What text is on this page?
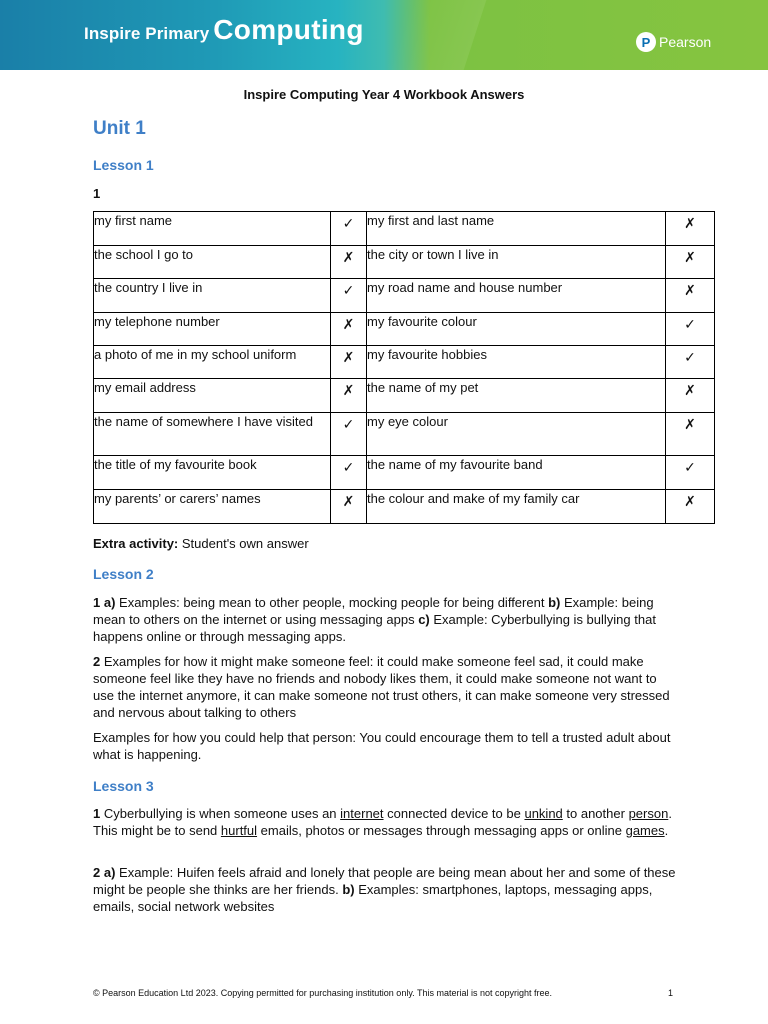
Inspire Primary Computing	P Pearson
Inspire Computing Year 4 Workbook Answers
Unit 1
Lesson 1
1
my first name	✓	my first and last name	✗
the school I go to	✗	the city or town I live in	✗
the country I live in	✓	my road name and house number	✗
my telephone number	✗	my favourite colour	✓
a photo of me in my school uniform	✗	my favourite hobbies	✓
my email address	✗	the name of my pet	✗
the name of somewhere I have visited	✓	my eye colour	✗
the title of my favourite book	✓	the name of my favourite band	✓
my parents’ or carers’ names	✗	the colour and make of my family car	✗

Extra activity: Student's own answer

Lesson 2

1 a) Examples: being mean to other people, mocking people for being different b) Example: being mean to others on the internet or using messaging apps c) Example: Cyberbullying is bullying that happens online or through messaging apps.

2 Examples for how it might make someone feel: it could make someone feel sad, it could make someone feel like they have no friends and nobody likes them, it could make someone not want to use the internet anymore, it can make someone not trust others, it can make someone very stressed and nervous about talking to others

Examples for how you could help that person: You could encourage them to tell a trusted adult about what is happening.

Lesson 3

1 Cyberbullying is when someone uses an internet connected device to be unkind to another person. This might be to send hurtful emails, photos or messages through messaging apps or online games.

2 a) Example: Huifen feels afraid and lonely that people are being mean about her and some of these might be people she thinks are her friends. b) Examples: smartphones, laptops, messaging apps, emails, social network websites

© Pearson Education Ltd 2023. Copying permitted for purchasing institution only. This material is not copyright free.	1
